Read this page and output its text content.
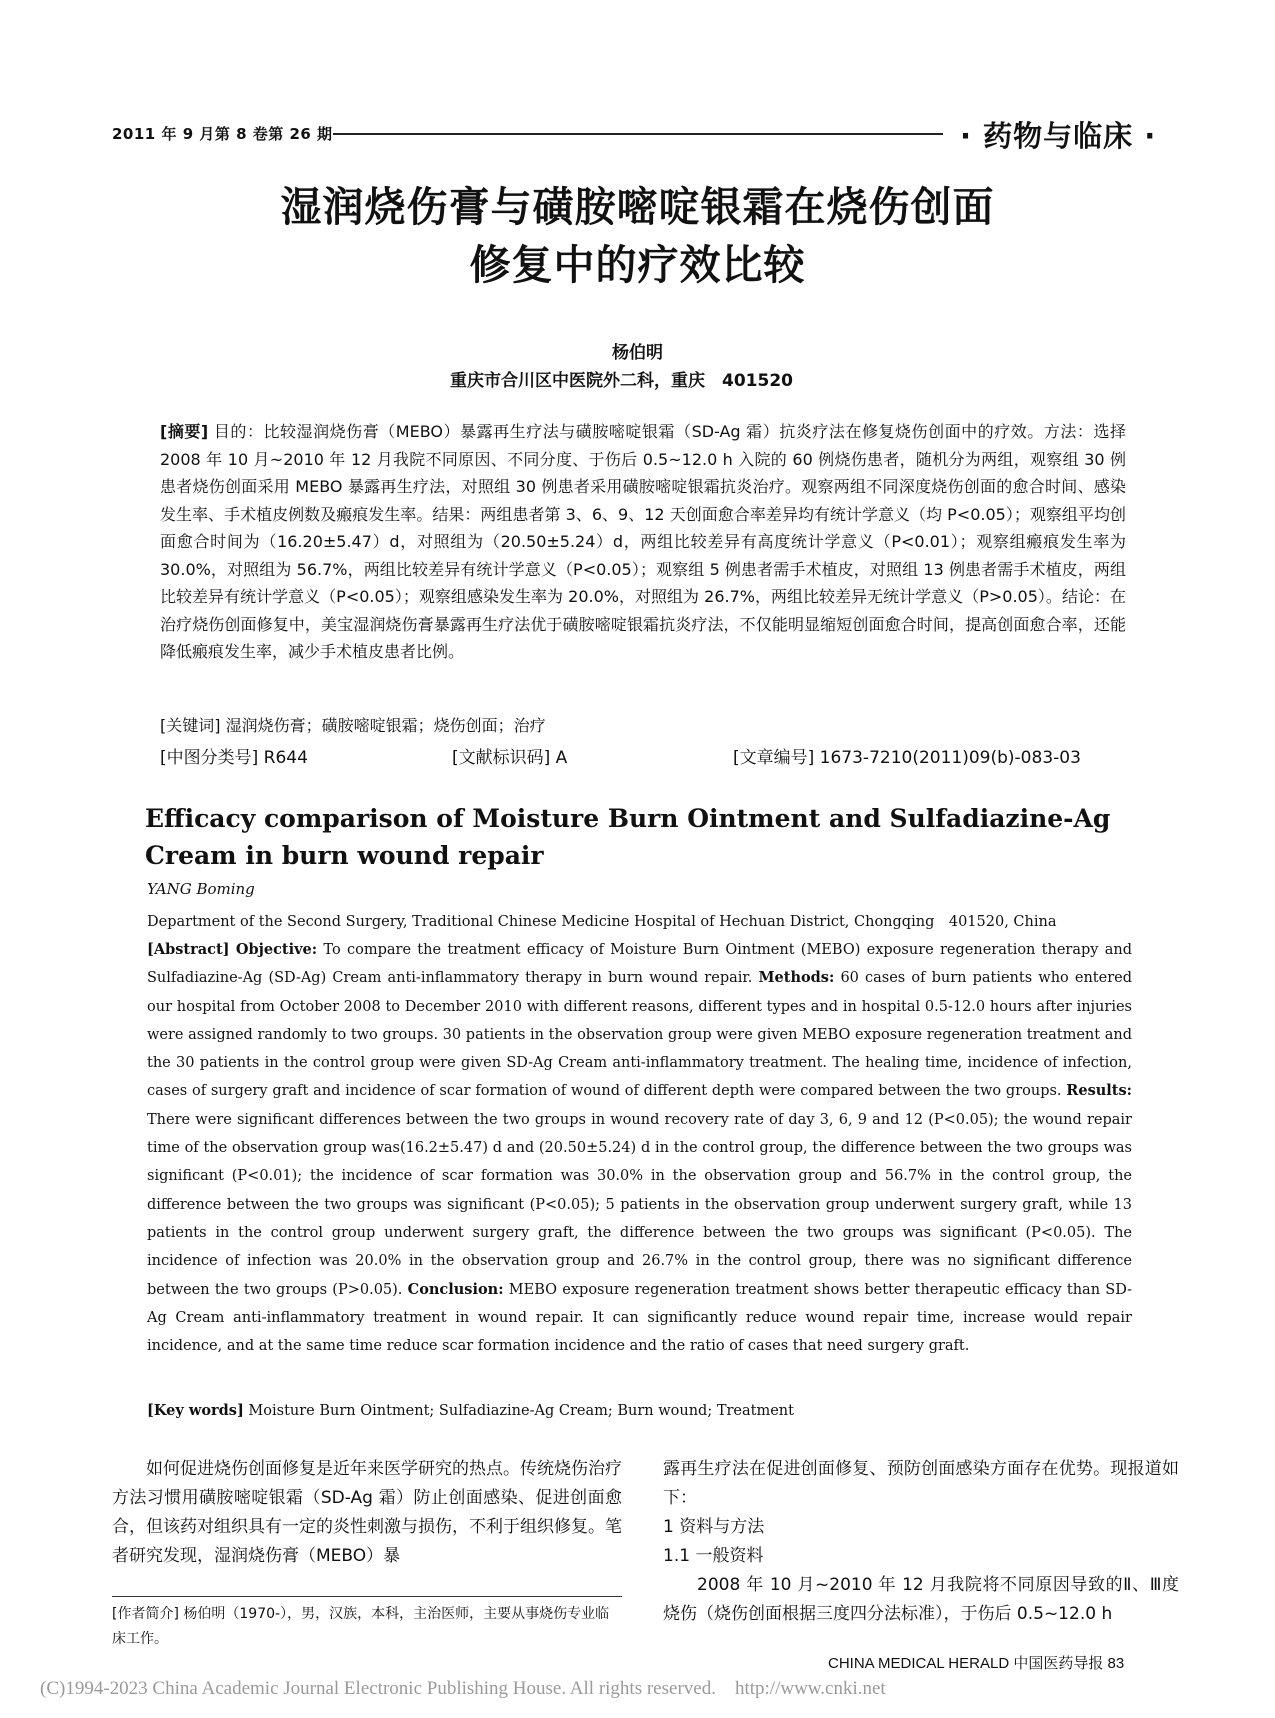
2011 年 9 月第 8 卷第 26 期	· 药物与临床 ·
湿润烧伤膏与磺胺嘧啶银霜在烧伤创面
修复中的疗效比较
杨伯明
重庆市合川区中医院外二科，重庆　401520
[摘要] 目的：比较湿润烧伤膏（MEBO）暴露再生疗法与磺胺嘧啶银霜（SD-Ag 霜）抗炎疗法在修复烧伤创面中的疗效。方法：选择 2008 年 10 月~2010 年 12 月我院不同原因、不同分度、于伤后 0.5~12.0 h 入院的 60 例烧伤患者，随机分为两组，观察组 30 例患者烧伤创面采用 MEBO 暴露再生疗法，对照组 30 例患者采用磺胺嘧啶银霜抗炎治疗。观察两组不同深度烧伤创面的愈合时间、感染发生率、手术植皮例数及瘢痕发生率。结果：两组患者第 3、6、9、12 天创面愈合率差异均有统计学意义（均 P<0.05）；观察组平均创面愈合时间为（16.20±5.47）d，对照组为（20.50±5.24）d，两组比较差异有高度统计学意义（P<0.01）；观察组瘢痕发生率为 30.0%，对照组为 56.7%，两组比较差异有统计学意义（P<0.05）；观察组 5 例患者需手术植皮，对照组 13 例患者需手术植皮，两组比较差异有统计学意义（P<0.05）；观察组感染发生率为 20.0%，对照组为 26.7%，两组比较差异无统计学意义（P>0.05）。结论：在治疗烧伤创面修复中，美宝湿润烧伤膏暴露再生疗法优于磺胺嘧啶银霜抗炎疗法，不仅能明显缩短创面愈合时间，提高创面愈合率，还能降低瘢痕发生率，减少手术植皮患者比例。
[关键词] 湿润烧伤膏；磺胺嘧啶银霜；烧伤创面；治疗
[中图分类号] R644	[文献标识码] A	[文章编号] 1673-7210(2011)09(b)-083-03
Efficacy comparison of Moisture Burn Ointment and Sulfadiazine-Ag Cream in burn wound repair
YANG Boming
Department of the Second Surgery, Traditional Chinese Medicine Hospital of Hechuan District, Chongqing　401520, China
[Abstract] Objective: To compare the treatment efficacy of Moisture Burn Ointment (MEBO) exposure regeneration therapy and Sulfadiazine-Ag (SD-Ag) Cream anti-inflammatory therapy in burn wound repair. Methods: 60 cases of burn patients who entered our hospital from October 2008 to December 2010 with different reasons, different types and in hospital 0.5-12.0 hours after injuries were assigned randomly to two groups. 30 patients in the observation group were given MEBO exposure regeneration treatment and the 30 patients in the control group were given SD-Ag Cream anti-inflammatory treatment. The healing time, incidence of infection, cases of surgery graft and incidence of scar formation of wound of different depth were compared between the two groups. Results: There were significant differences between the two groups in wound recovery rate of day 3, 6, 9 and 12 (P<0.05); the wound repair time of the observation group was(16.2±5.47) d and (20.50±5.24) d in the control group, the difference between the two groups was significant (P<0.01); the incidence of scar formation was 30.0% in the observation group and 56.7% in the control group, the difference between the two groups was significant (P<0.05); 5 patients in the observation group underwent surgery graft, while 13 patients in the control group underwent surgery graft, the difference between the two groups was significant (P<0.05). The incidence of infection was 20.0% in the observation group and 26.7% in the control group, there was no significant difference between the two groups (P>0.05). Conclusion: MEBO exposure regeneration treatment shows better therapeutic efficacy than SD-Ag Cream anti-inflammatory treatment in wound repair. It can significantly reduce wound repair time, increase would repair incidence, and at the same time reduce scar formation incidence and the ratio of cases that need surgery graft.
[Key words] Moisture Burn Ointment; Sulfadiazine-Ag Cream; Burn wound; Treatment
如何促进烧伤创面修复是近年来医学研究的热点。传统烧伤治疗方法习惯用磺胺嘧啶银霜（SD-Ag 霜）防止创面感染、促进创面愈合，但该药对组织具有一定的炎性刺激与损伤，不利于组织修复。笔者研究发现，湿润烧伤膏（MEBO）暴
[作者简介] 杨伯明（1970-），男，汉族，本科，主治医师，主要从事烧伤专业临床工作。

露再生疗法在促进创面修复、预防创面感染方面存在优势。现报道如下：

1 资料与方法

1.1 一般资料

2008 年 10 月~2010 年 12 月我院将不同原因导致的Ⅱ、Ⅲ度烧伤（烧伤创面根据三度四分法标准），于伤后 0.5~12.0 h

CHINA MEDICAL HERALD 中国医药导报 83
(C)1994-2023 China Academic Journal Electronic Publishing House. All rights reserved.　http://www.cnki.net
